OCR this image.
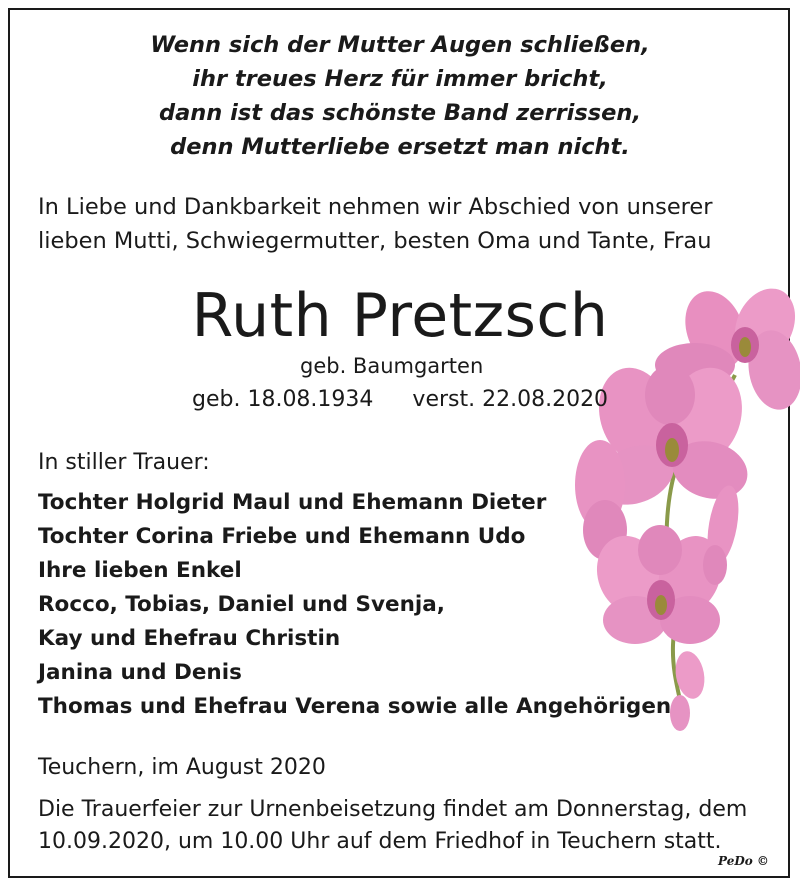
Wenn sich der Mutter Augen schließen,
ihr treues Herz für immer bricht,
dann ist das schönste Band zerrissen,
denn Mutterliebe ersetzt man nicht.
In Liebe und Dankbarkeit nehmen wir Abschied von unserer
lieben Mutti, Schwiegermutter, besten Oma und Tante, Frau
Ruth Pretzsch
geb. Baumgarten
geb. 18.08.1934 verst. 22.08.2020
In stiller Trauer:
Tochter Holgrid Maul und Ehemann Dieter
Tochter Corina Friebe und Ehemann Udo
Ihre lieben Enkel
Rocco, Tobias, Daniel und Svenja,
Kay und Ehefrau Christin
Janina und Denis
Thomas und Ehefrau Verena sowie alle Angehörigen
Teuchern, im August 2020
Die Trauerfeier zur Urnenbeisetzung findet am Donnerstag, dem
10.09.2020, um 10.00 Uhr auf dem Friedhof in Teuchern statt.
PeDo ©
